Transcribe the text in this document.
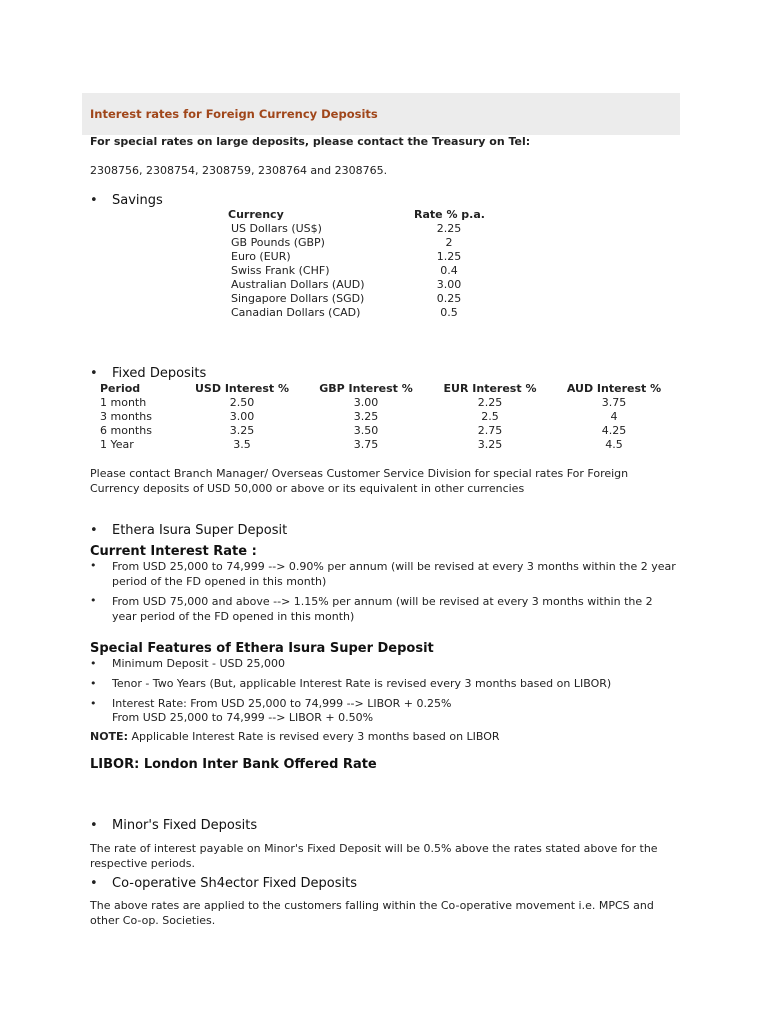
Interest rates for Foreign Currency Deposits
For special rates on large deposits, please contact the Treasury on Tel:
2308756, 2308754, 2308759, 2308764 and 2308765.
• Savings
Currency	Rate % p.a.
US Dollars (US$)	2.25
GB Pounds (GBP)	2
Euro (EUR)	1.25
Swiss Frank (CHF)	0.4
Australian Dollars (AUD)	3.00
Singapore Dollars (SGD)	0.25
Canadian Dollars (CAD)	0.5
• Fixed Deposits
Period	USD Interest %	GBP Interest %	EUR Interest %	AUD Interest %
1 month	2.50	3.00	2.25	3.75
3 months	3.00	3.25	2.5	4
6 months	3.25	3.50	2.75	4.25
1 Year	3.5	3.75	3.25	4.5
Please contact Branch Manager/ Overseas Customer Service Division for special rates For Foreign Currency deposits of USD 50,000 or above or its equivalent in other currencies
• Ethera Isura Super Deposit
Current Interest Rate :
• From USD 25,000 to 74,999 --> 0.90% per annum (will be revised at every 3 months within the 2 year period of the FD opened in this month)
• From USD 75,000 and above --> 1.15% per annum (will be revised at every 3 months within the 2 year period of the FD opened in this month)
Special Features of Ethera Isura Super Deposit
• Minimum Deposit - USD 25,000
• Tenor - Two Years (But, applicable Interest Rate is revised every 3 months based on LIBOR)
• Interest Rate: From USD 25,000 to 74,999 --> LIBOR + 0.25%
From USD 25,000 to 74,999 --> LIBOR + 0.50%
NOTE: Applicable Interest Rate is revised every 3 months based on LIBOR
LIBOR: London Inter Bank Offered Rate
• Minor's Fixed Deposits
The rate of interest payable on Minor's Fixed Deposit will be 0.5% above the rates stated above for the respective periods.
• Co-operative Sh4ector Fixed Deposits
The above rates are applied to the customers falling within the Co-operative movement i.e. MPCS and other Co-op. Societies.
